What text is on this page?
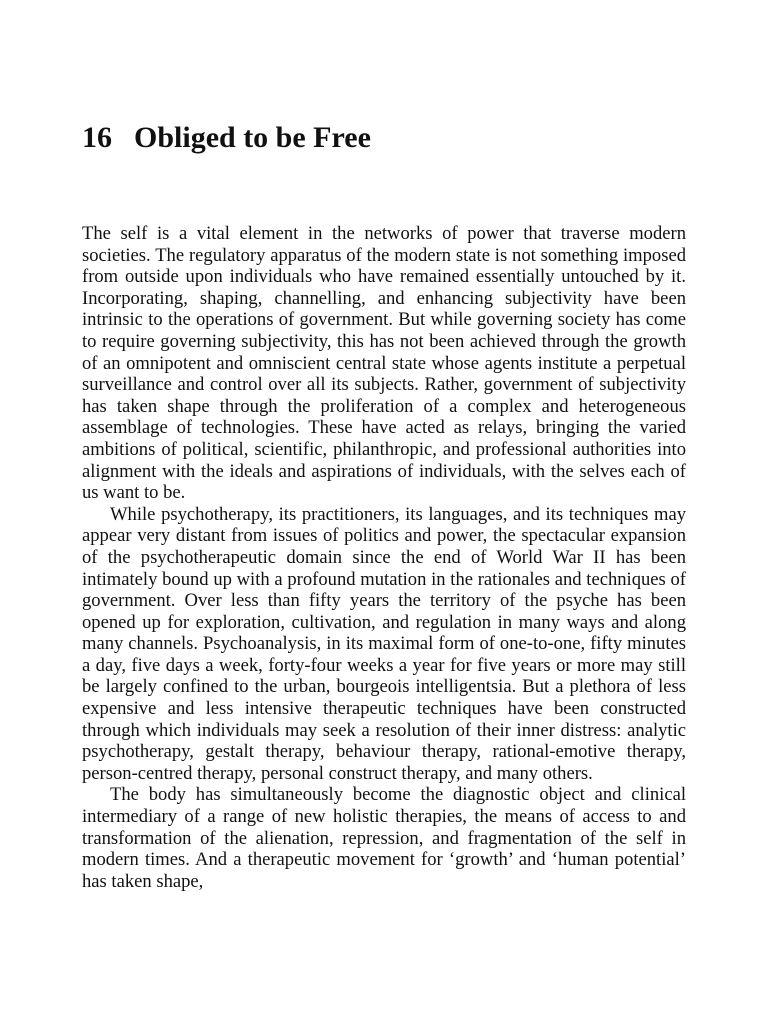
16 Obliged to be Free

The self is a vital element in the networks of power that traverse modern societies. The regulatory apparatus of the modern state is not something imposed from outside upon individuals who have remained essentially untouched by it. Incorporating, shaping, channelling, and enhancing subjectivity have been intrinsic to the operations of government. But while governing society has come to require governing subjectivity, this has not been achieved through the growth of an omnipotent and omniscient central state whose agents institute a perpetual surveillance and control over all its subjects. Rather, government of subjectivity has taken shape through the proliferation of a complex and heterogeneous assemblage of technologies. These have acted as relays, bringing the varied ambitions of political, scientific, philanthropic, and professional authorities into alignment with the ideals and aspirations of individuals, with the selves each of us want to be.

While psychotherapy, its practitioners, its languages, and its techniques may appear very distant from issues of politics and power, the spectacular expansion of the psychotherapeutic domain since the end of World War II has been intimately bound up with a profound mutation in the rationales and techniques of government. Over less than fifty years the territory of the psyche has been opened up for exploration, cultivation, and regulation in many ways and along many channels. Psychoanalysis, in its maximal form of one-to-one, fifty minutes a day, five days a week, forty-four weeks a year for five years or more may still be largely confined to the urban, bourgeois intelligentsia. But a plethora of less expensive and less intensive therapeutic techniques have been constructed through which individuals may seek a resolution of their inner distress: analytic psychotherapy, gestalt therapy, behaviour therapy, rational-emotive therapy, person-centred therapy, personal construct therapy, and many others.

The body has simultaneously become the diagnostic object and clinical intermediary of a range of new holistic therapies, the means of access to and transformation of the alienation, repression, and fragmentation of the self in modern times. And a therapeutic movement for ‘growth’ and ‘human potential’ has taken shape,
